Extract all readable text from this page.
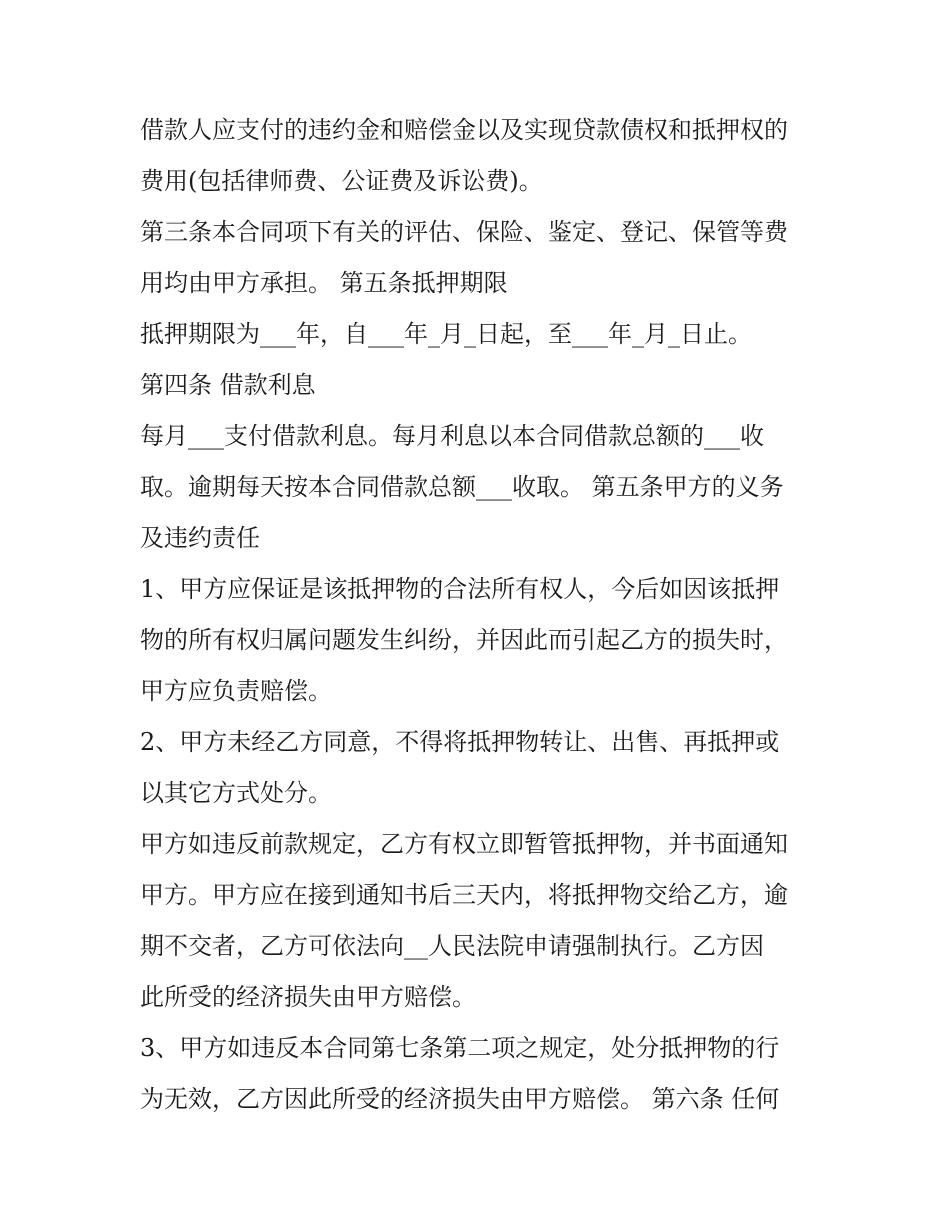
借款人应支付的违约金和赔偿金以及实现贷款债权和抵押权的
费用(包括律师费、公证费及诉讼费)。
第三条本合同项下有关的评估、保险、鉴定、登记、保管等费
用均由甲方承担。 第五条抵押期限
抵押期限为___年，自___年_月_日起，至___年_月_日止。
第四条 借款利息
每月___支付借款利息。每月利息以本合同借款总额的___收
取。逾期每天按本合同借款总额___收取。 第五条甲方的义务
及违约责任
1、甲方应保证是该抵押物的合法所有权人，今后如因该抵押
物的所有权归属问题发生纠纷，并因此而引起乙方的损失时，
甲方应负责赔偿。
2、甲方未经乙方同意，不得将抵押物转让、出售、再抵押或
以其它方式处分。
甲方如违反前款规定，乙方有权立即暂管抵押物，并书面通知
甲方。甲方应在接到通知书后三天内，将抵押物交给乙方，逾
期不交者，乙方可依法向__人民法院申请强制执行。乙方因
此所受的经济损失由甲方赔偿。
3、甲方如违反本合同第七条第二项之规定，处分抵押物的行
为无效，乙方因此所受的经济损失由甲方赔偿。 第六条 任何
